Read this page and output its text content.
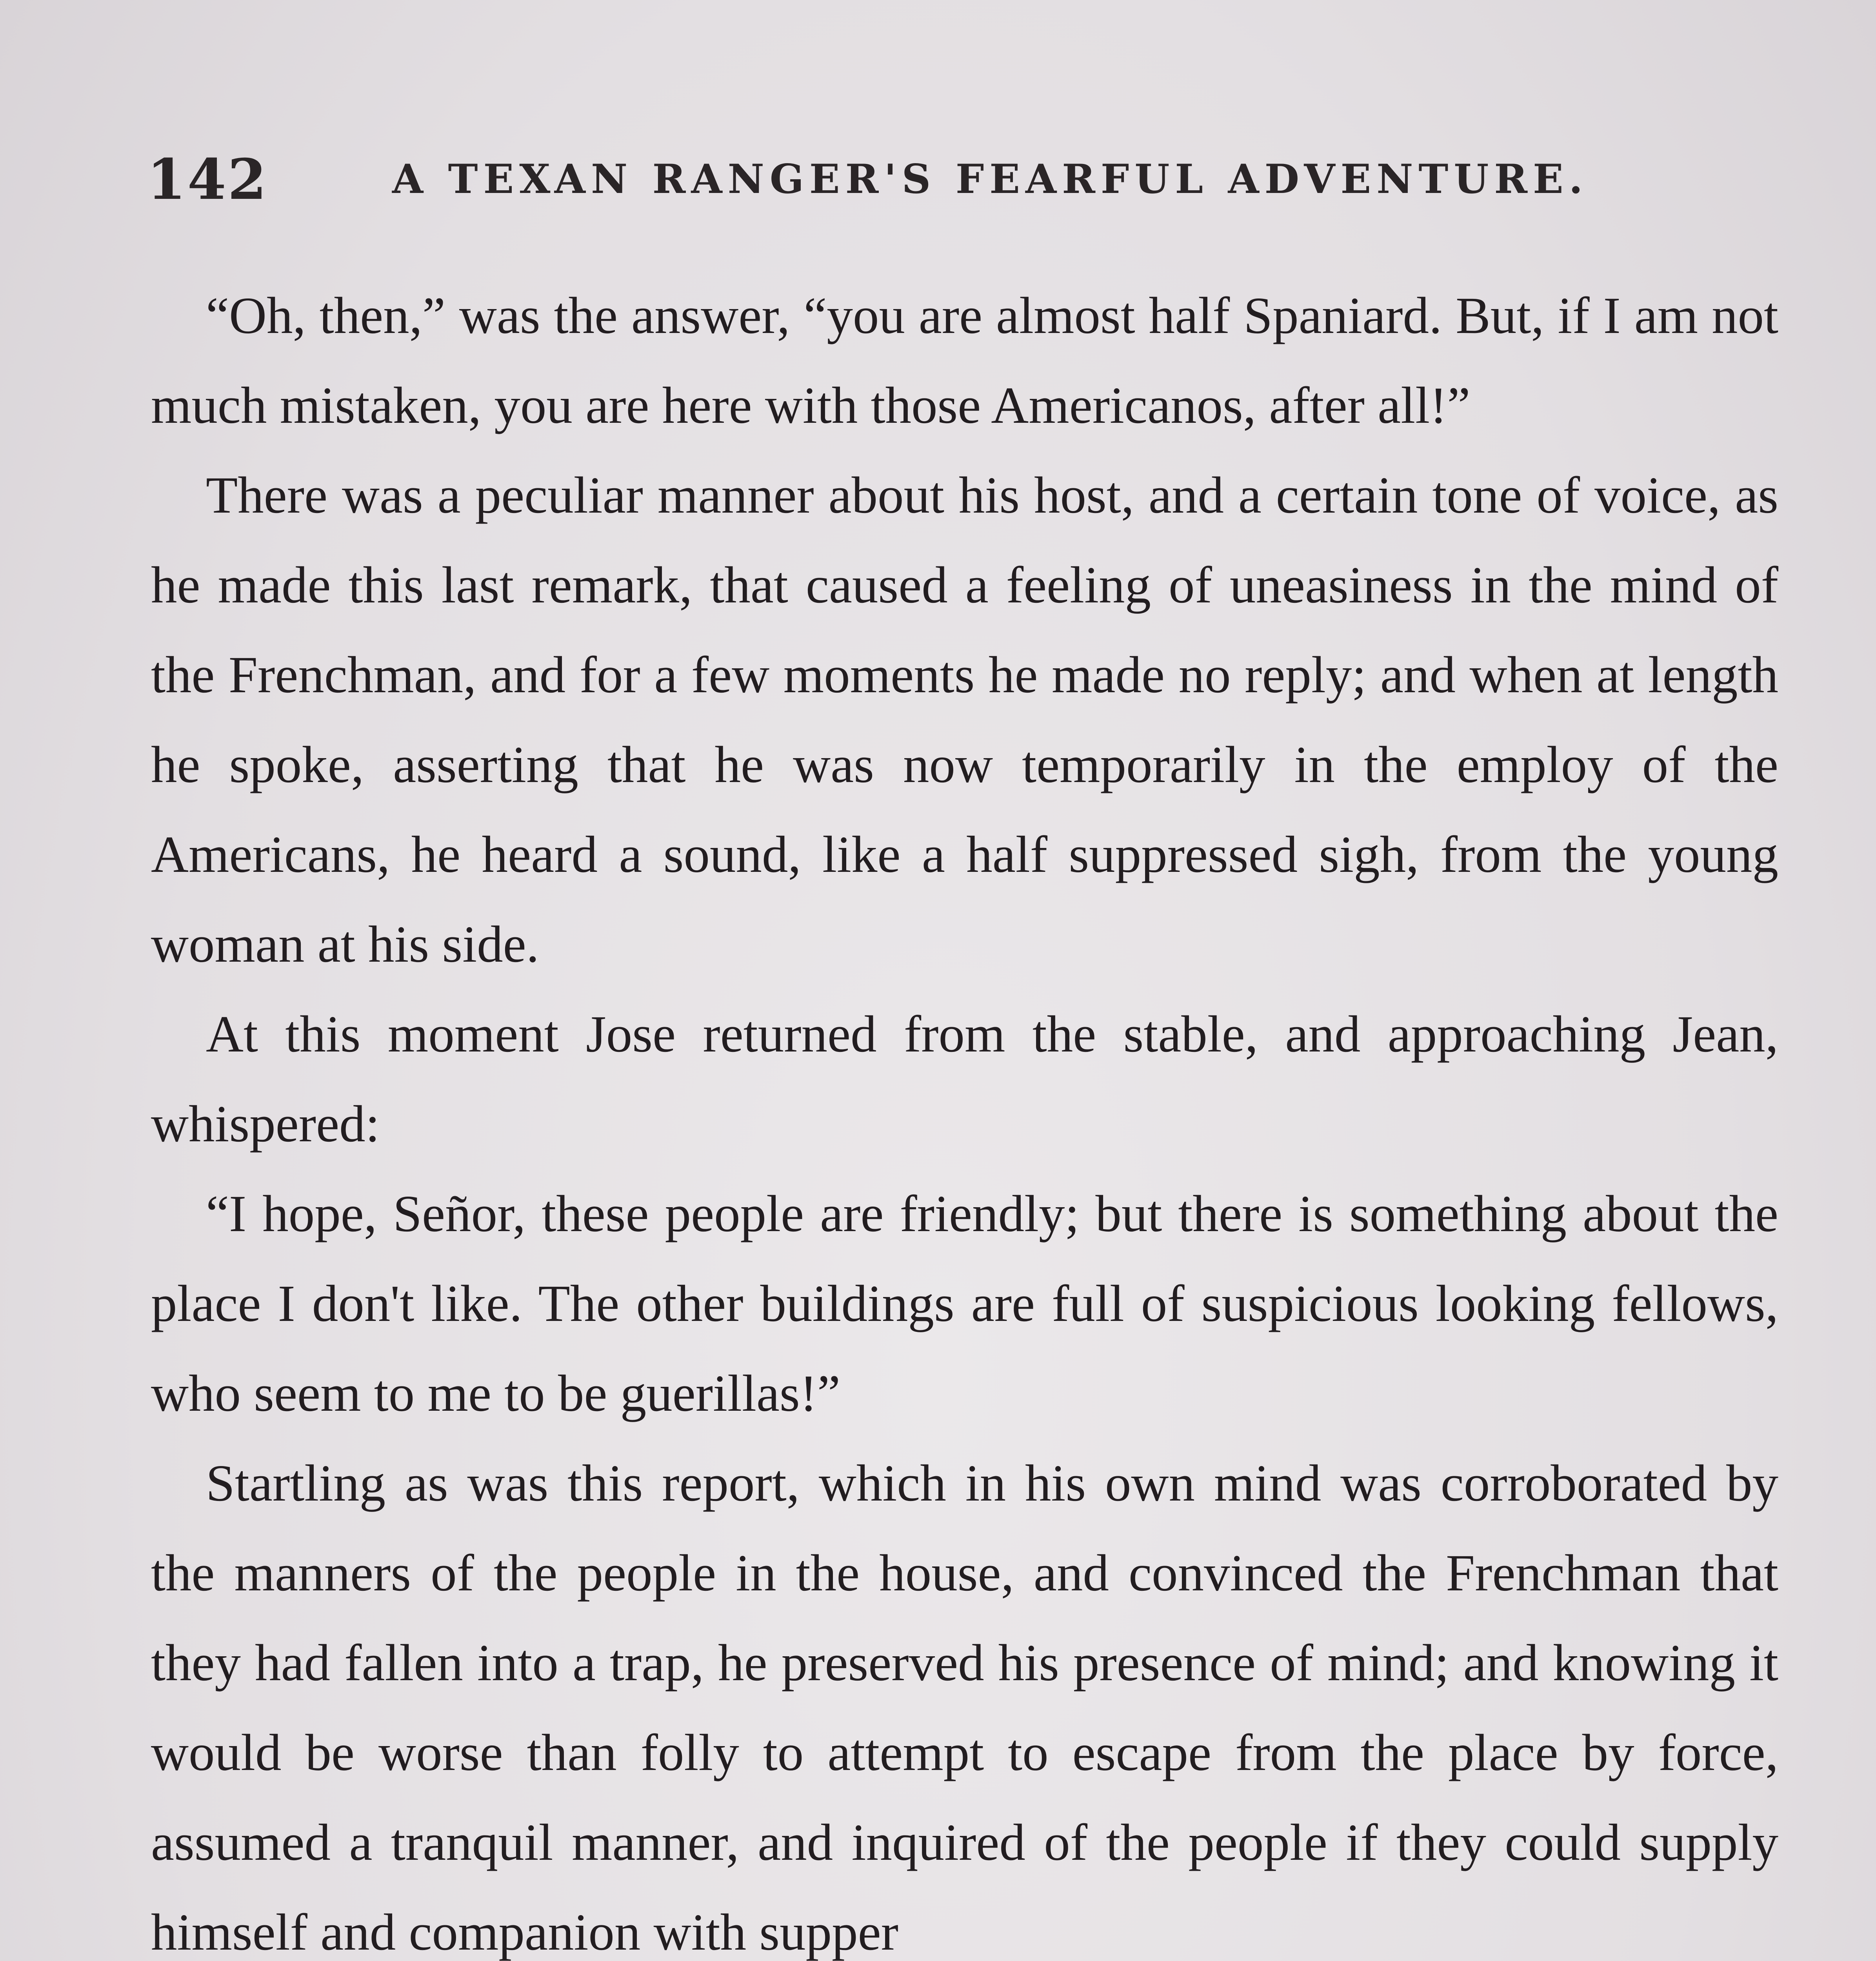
142	A TEXAN RANGER'S FEARFUL ADVENTURE.

“Oh, then,” was the answer, “you are almost half Spaniard. But, if I am not much mistaken, you are here with those Americanos, after all!”

There was a peculiar manner about his host, and a certain tone of voice, as he made this last remark, that caused a feeling of uneasiness in the mind of the Frenchman, and for a few moments he made no reply; and when at length he spoke, asserting that he was now temporarily in the employ of the Americans, he heard a sound, like a half suppressed sigh, from the young woman at his side.

At this moment Jose returned from the stable, and approaching Jean, whispered:

“I hope, Señor, these people are friendly; but there is something about the place I don't like. The other buildings are full of suspicious looking fellows, who seem to me to be guerillas!”

Startling as was this report, which in his own mind was corroborated by the manners of the people in the house, and convinced the Frenchman that they had fallen into a trap, he preserved his presence of mind; and knowing it would be worse than folly to attempt to escape from the place by force, assumed a tranquil manner, and inquired of the people if they could supply himself and companion with supper
